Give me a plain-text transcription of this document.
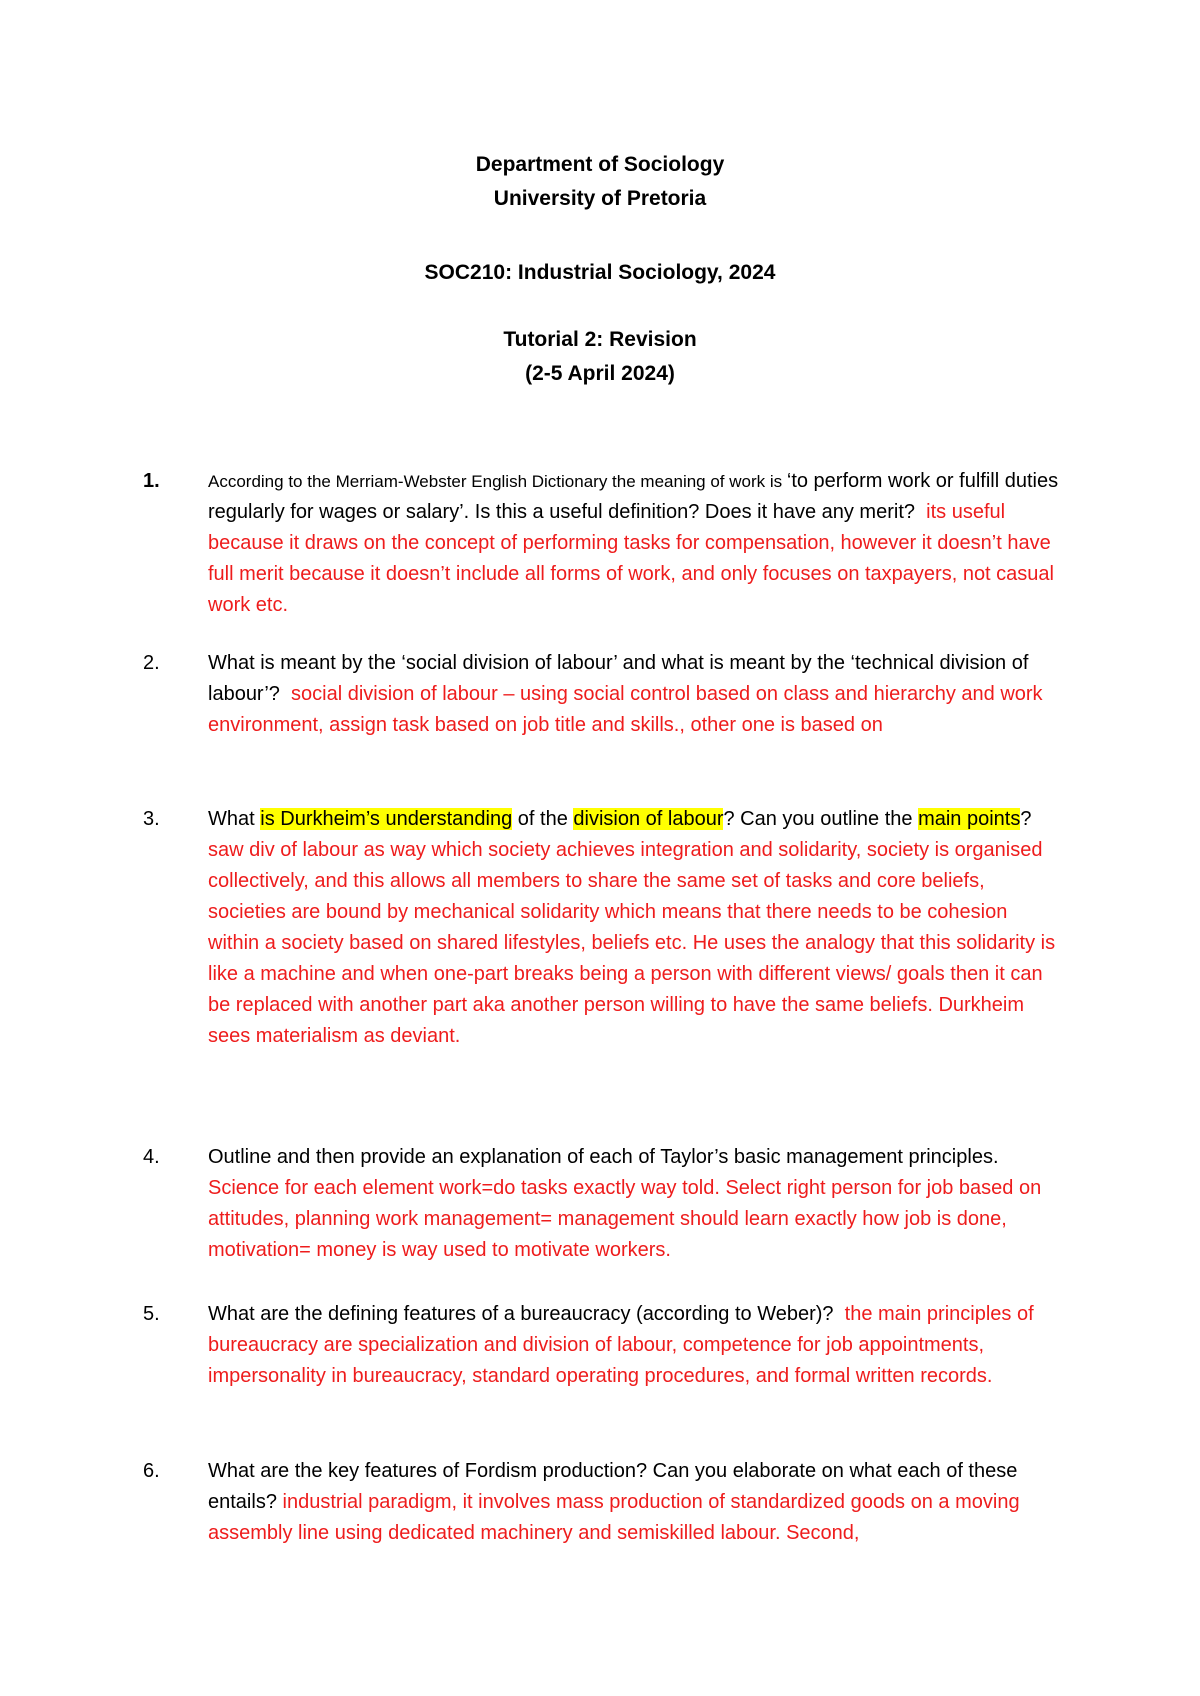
Department of Sociology
University of Pretoria
SOC210: Industrial Sociology, 2024
Tutorial 2: Revision
(2-5 April 2024)
1.	According to the Merriam-Webster English Dictionary the meaning of work is ‘to perform work or fulfill duties regularly for wages or salary’. Is this a useful definition? Does it have any merit? its useful because it draws on the concept of performing tasks for compensation, however it doesn’t have full merit because it doesn’t include all forms of work, and only focuses on taxpayers, not casual work etc.
2. What is meant by the ‘social division of labour’ and what is meant by the ‘technical division of labour’? social division of labour – using social control based on class and hierarchy and work environment, assign task based on job title and skills., other one is based on
3. What is Durkheim’s understanding of the division of labour? Can you outline the main points?  saw div of labour as way which society achieves integration and solidarity, society is organised collectively, and this allows all members to share the same set of tasks and core beliefs, societies are bound by mechanical solidarity which means that there needs to be cohesion within a society based on shared lifestyles, beliefs etc. He uses the analogy that this solidarity is like a machine and when one-part breaks being a person with different views/ goals then it can be replaced with another part aka another person willing to have the same beliefs. Durkheim sees materialism as deviant.
4. Outline and then provide an explanation of each of Taylor’s basic management principles.  Science for each element work=do tasks exactly way told. Select right person for job based on attitudes, planning work management= management should learn exactly how job is done, motivation= money is way used to motivate workers.
5. What are the defining features of a bureaucracy (according to Weber)? the main principles of bureaucracy are specialization and division of labour, competence for job appointments, impersonality in bureaucracy, standard operating procedures, and formal written records.
6. What are the key features of Fordism production? Can you elaborate on what each of these entails? industrial paradigm, it involves mass production of standardized goods on a moving assembly line using dedicated machinery and semiskilled labour. Second,
